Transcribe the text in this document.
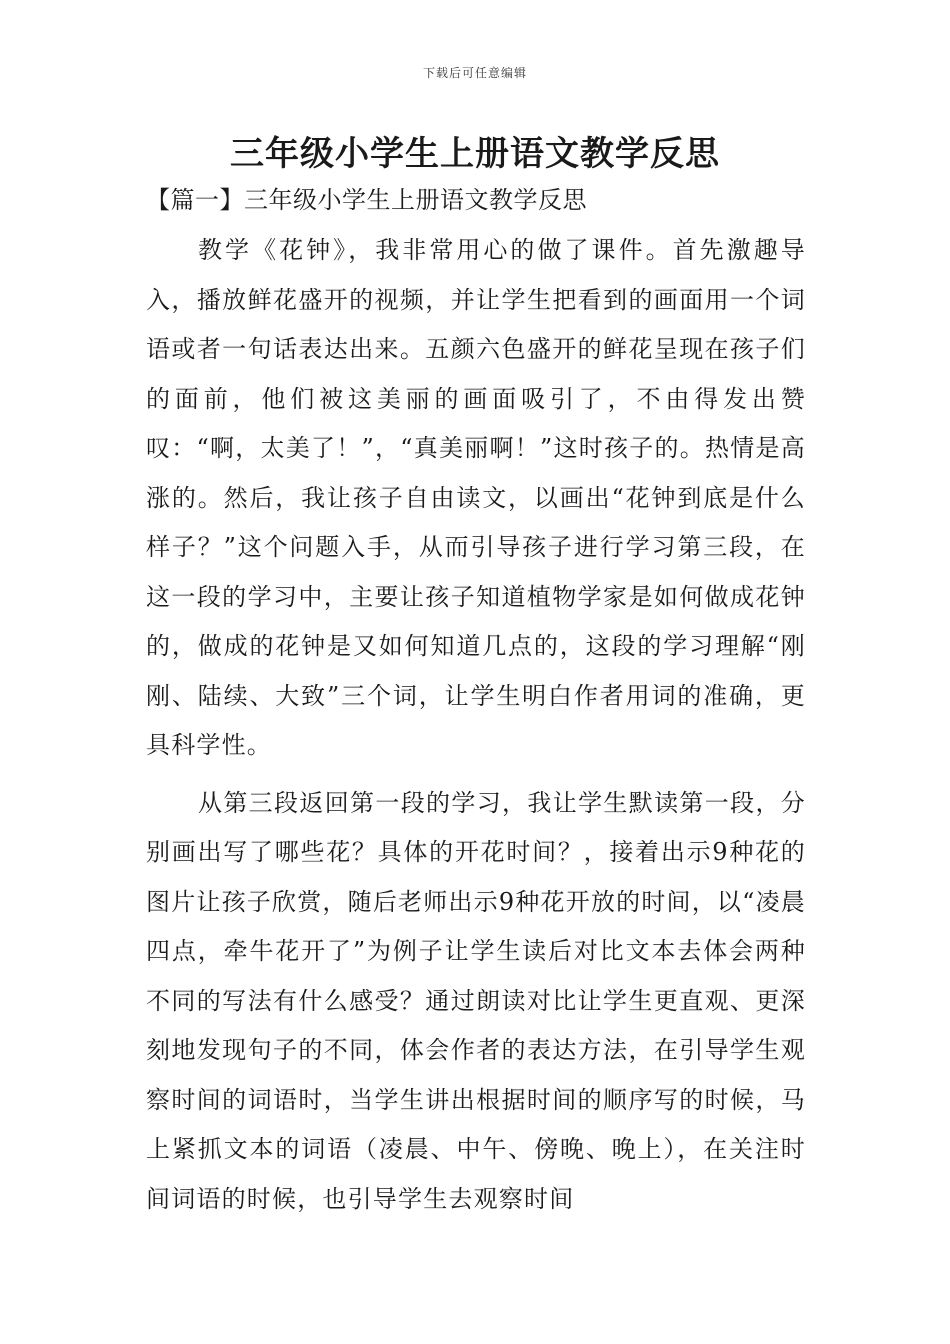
下载后可任意编辑
三年级小学生上册语文教学反思
【篇一】三年级小学生上册语文教学反思

教学《花钟》，我非常用心的做了课件。首先激趣导入，播放鲜花盛开的视频，并让学生把看到的画面用一个词语或者一句话表达出来。五颜六色盛开的鲜花呈现在孩子们的面前，他们被这美丽的画面吸引了，不由得发出赞叹：“啊，太美了！”，“真美丽啊！”这时孩子的。热情是高涨的。然后，我让孩子自由读文，以画出“花钟到底是什么样子？”这个问题入手，从而引导孩子进行学习第三段，在这一段的学习中，主要让孩子知道植物学家是如何做成花钟的，做成的花钟是又如何知道几点的，这段的学习理解“刚刚、陆续、大致”三个词，让学生明白作者用词的准确，更具科学性。

从第三段返回第一段的学习，我让学生默读第一段，分别画出写了哪些花？具体的开花时间？，接着出示9种花的图片让孩子欣赏，随后老师出示9种花开放的时间，以“凌晨四点，牵牛花开了”为例子让学生读后对比文本去体会两种不同的写法有什么感受？通过朗读对比让学生更直观、更深刻地发现句子的不同，体会作者的表达方法，在引导学生观察时间的词语时，当学生讲出根据时间的顺序写的时候，马上紧抓文本的词语（凌晨、中午、傍晚、晚上），在关注时间词语的时候，也引导学生去观察时间
